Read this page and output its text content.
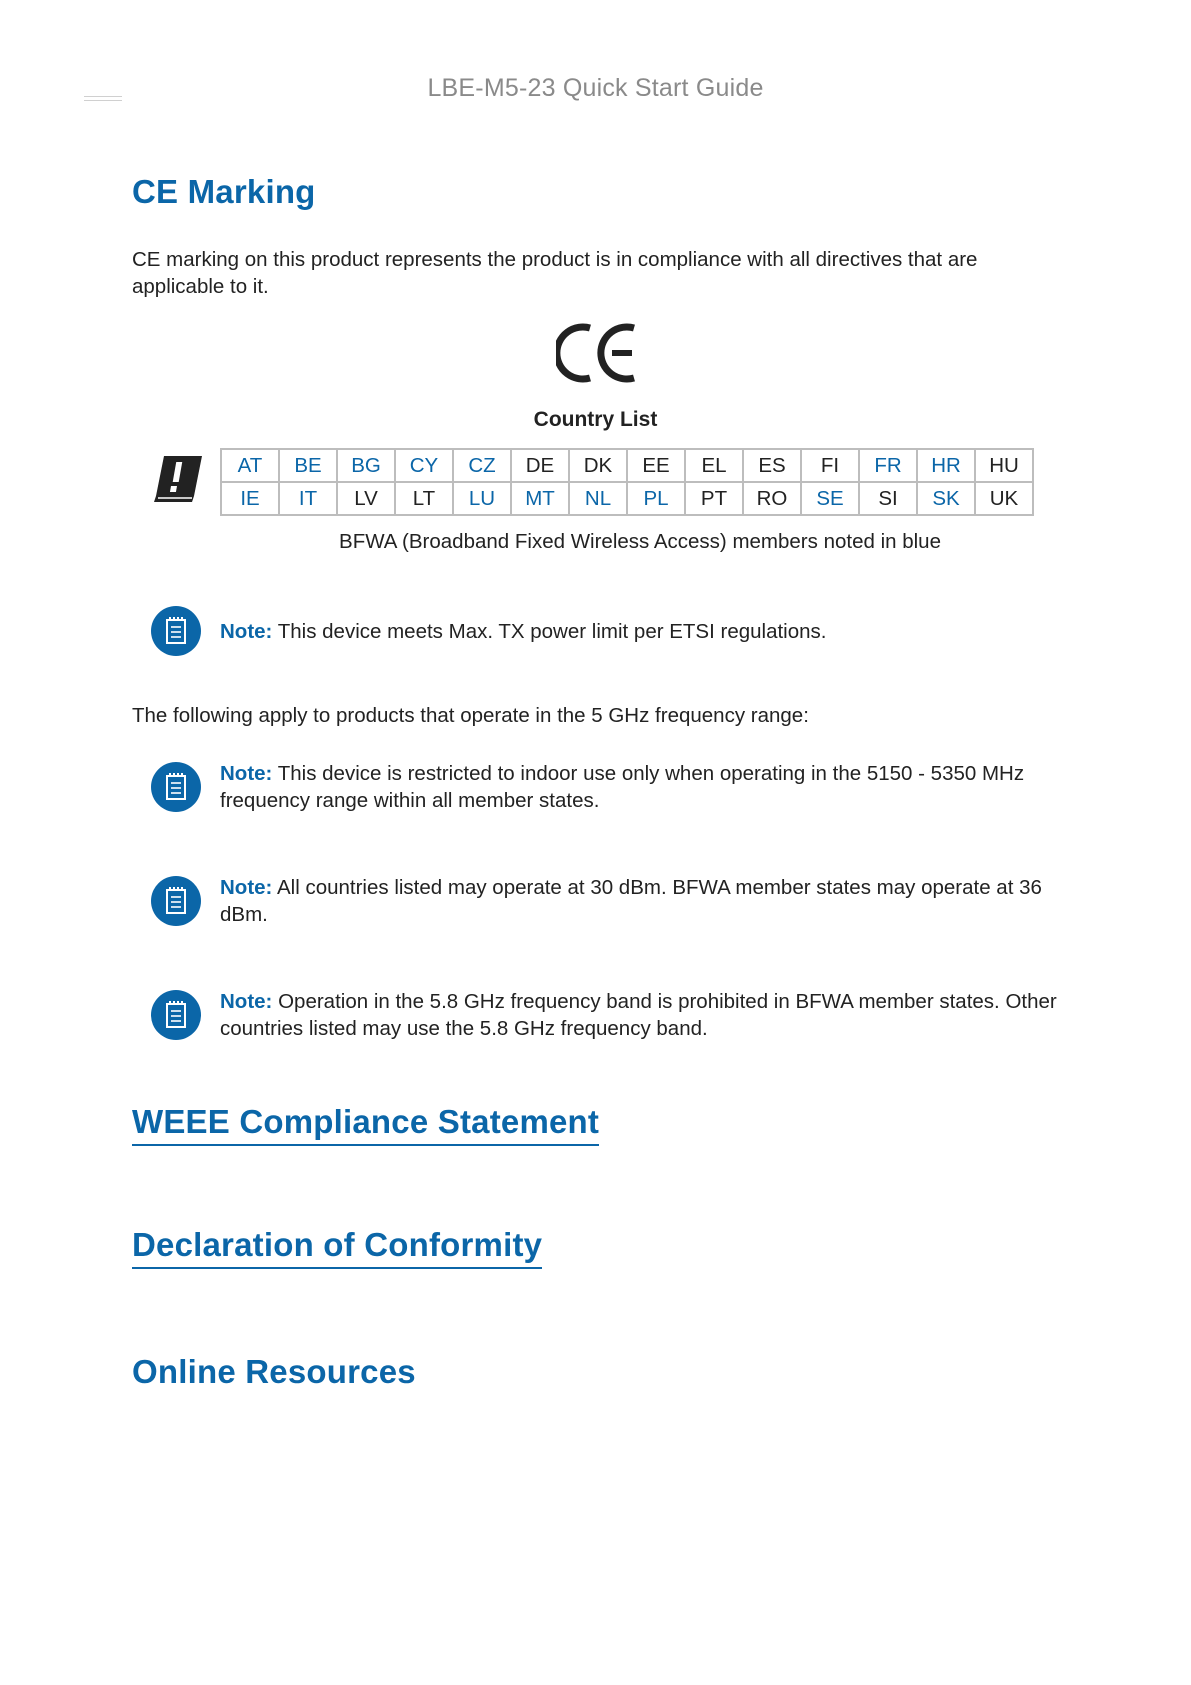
LBE-M5-23 Quick Start Guide
CE Marking

CE marking on this product represents the product is in compliance with all directives that are applicable to it.

Country List
AT	BE	BG	CY	CZ	DE	DK	EE	EL	ES	FI	FR	HR	HU
IE	IT	LV	LT	LU	MT	NL	PL	PT	RO	SE	SI	SK	UK
BFWA (Broadband Fixed Wireless Access) members noted in blue

Note: This device meets Max. TX power limit per ETSI regulations.

The following apply to products that operate in the 5 GHz frequency range:

Note: This device is restricted to indoor use only when operating in the 5150 - 5350 MHz frequency range within all member states.

Note: All countries listed may operate at 30 dBm. BFWA member states may operate at 36 dBm.

Note: Operation in the 5.8 GHz frequency band is prohibited in BFWA member states. Other countries listed may use the 5.8 GHz frequency band.

WEEE Compliance Statement
Declaration of Conformity
Online Resources
